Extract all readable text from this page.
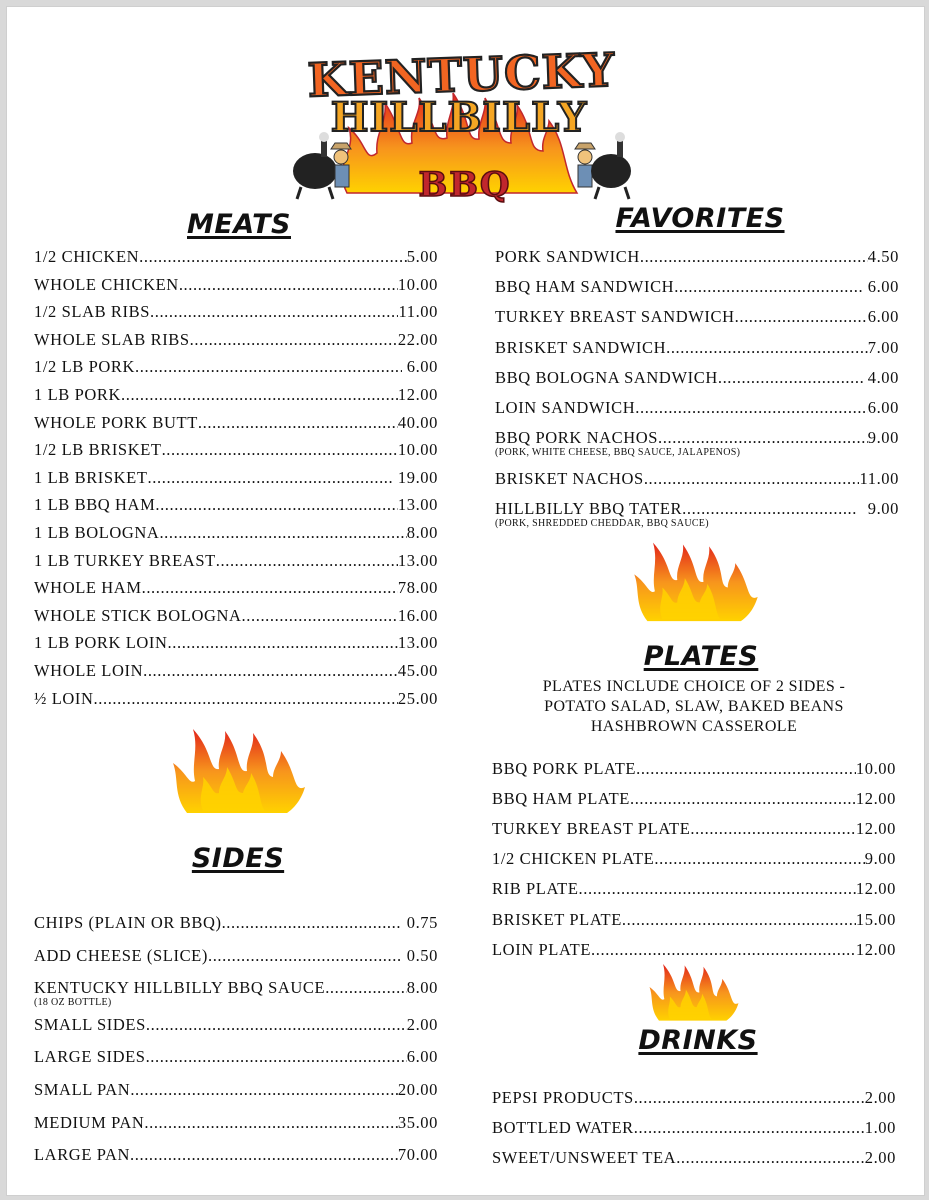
KENTUCKY
HILLBILLY
BBQ
MEATS
SIDES
FAVORITES
PLATES
DRINKS
1/2 CHICKEN .....	5.00
WHOLE CHICKEN .....	10.00
1/2 SLAB RIBS .....	11.00
WHOLE SLAB RIBS .....	22.00
1/2 LB PORK .....	6.00
1 LB PORK .....	12.00
WHOLE PORK BUTT .....	40.00
1/2 LB BRISKET .....	10.00
1 LB BRISKET .....	19.00
1 LB BBQ HAM .....	13.00
1 LB BOLOGNA .....	8.00
1 LB TURKEY BREAST .....	13.00
WHOLE HAM .....	78.00
WHOLE STICK BOLOGNA .....	16.00
1 LB PORK LOIN .....	13.00
WHOLE LOIN .....	45.00
½ LOIN .....	25.00
CHIPS (PLAIN OR BBQ) .....	0.75
ADD CHEESE (SLICE) .....	0.50
KENTUCKY HILLBILLY BBQ SAUCE .....	8.00
(18 OZ BOTTLE)
SMALL SIDES .....	2.00
LARGE SIDES .....	6.00
SMALL PAN .....	20.00
MEDIUM PAN .....	35.00
LARGE PAN .....	70.00
PORK SANDWICH .....	4.50
BBQ HAM SANDWICH .....	6.00
TURKEY BREAST SANDWICH .....	6.00
BRISKET SANDWICH .....	7.00
BBQ BOLOGNA SANDWICH .....	4.00
LOIN SANDWICH .....	6.00
BBQ PORK NACHOS .....	9.00
(PORK, WHITE CHEESE, BBQ SAUCE, JALAPENOS)
BRISKET NACHOS .....	11.00
HILLBILLY BBQ TATER .....	9.00
(PORK, SHREDDED CHEDDAR, BBQ SAUCE)
BBQ PORK PLATE .....	10.00
BBQ HAM PLATE .....	12.00
TURKEY BREAST PLATE .....	12.00
1/2 CHICKEN PLATE .....	9.00
RIB PLATE .....	12.00
BRISKET PLATE .....	15.00
LOIN PLATE .....	12.00
PEPSI PRODUCTS .....	2.00
BOTTLED WATER .....	1.00
SWEET/UNSWEET TEA .....	2.00
PLATES INCLUDE CHOICE OF 2 SIDES -
POTATO SALAD, SLAW, BAKED BEANS
HASHBROWN CASSEROLE
